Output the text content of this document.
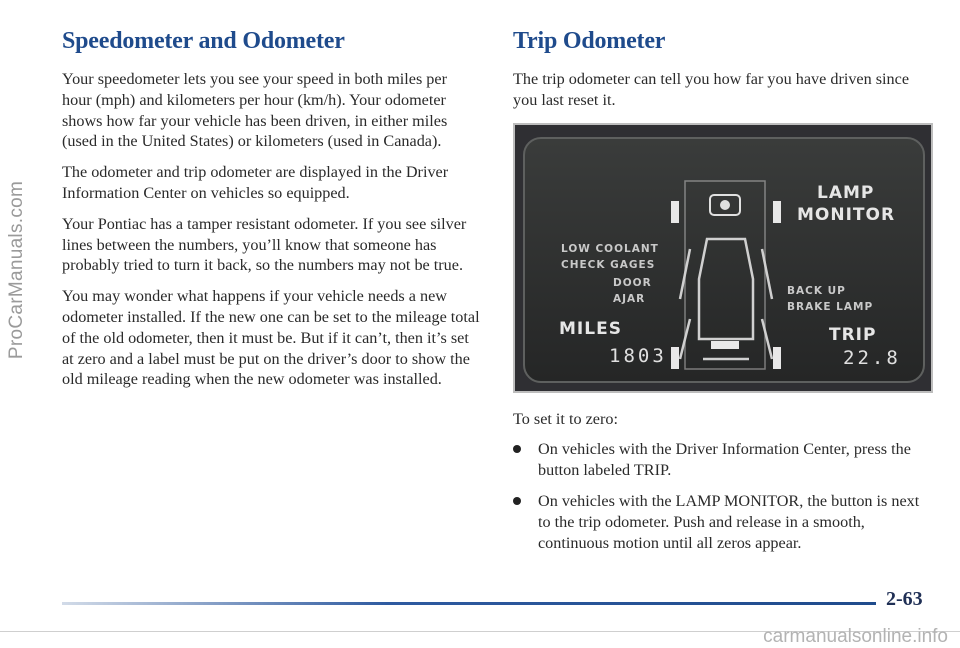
ProCarManuals.com
Speedometer and Odometer

Your speedometer lets you see your speed in both miles per hour (mph) and kilometers per hour (km/h). Your odometer shows how far your vehicle has been driven, in either miles (used in the United States) or kilometers (used in Canada).

The odometer and trip odometer are displayed in the Driver Information Center on vehicles so equipped.

Your Pontiac has a tamper resistant odometer. If you see silver lines between the numbers, you’ll know that someone has probably tried to turn it back, so the numbers may not be true.

You may wonder what happens if your vehicle needs a new odometer installed. If the new one can be set to the mileage total of the old odometer, then it must be. But if it can’t, then it’s set at zero and a label must be put on the driver’s door to show the old mileage reading when the new odometer was installed.

Trip Odometer

The trip odometer can tell you how far you have driven since you last reset it.

LAMP
MONITOR
LOW COOLANT
CHECK GAGES
DOOR
AJAR
BACK UP
BRAKE LAMP
MILES
1803
TRIP
22.8

To set it to zero:

On vehicles with the Driver Information Center, press the button labeled TRIP.

On vehicles with the LAMP MONITOR, the button is next to the trip odometer. Push and release in a smooth, continuous motion until all zeros appear.

2-63
carmanualsonline.info
